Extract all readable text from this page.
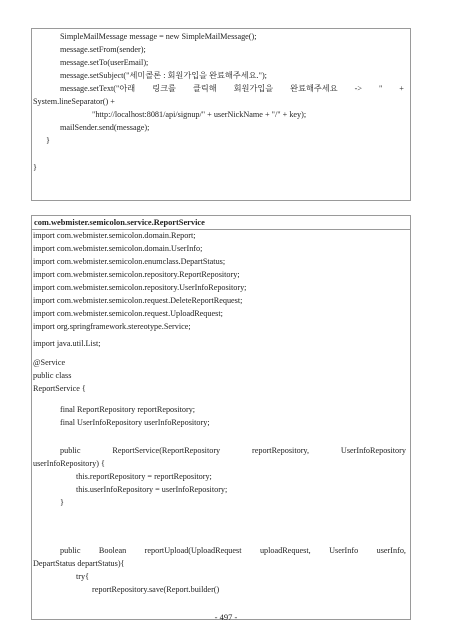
SimpleMailMessage message = new SimpleMailMessage();
message.setFrom(sender);
message.setTo(userEmail);
message.setSubject("세미콜론 : 회원가입을 완료해주세요.");
message.setText("아래 링크를 클릭해 회원가입을 완료해주세요 -> " +
System.lineSeparator() +
"http://localhost:8081/api/signup/" + userNickName + "/" + key);
mailSender.send(message);
}
}
com.webmister.semicolon.service.ReportService
import com.webmister.semicolon.domain.Report;
import com.webmister.semicolon.domain.UserInfo;
import com.webmister.semicolon.enumclass.DepartStatus;
import com.webmister.semicolon.repository.ReportRepository;
import com.webmister.semicolon.repository.UserInfoRepository;
import com.webmister.semicolon.request.DeleteReportRequest;
import com.webmister.semicolon.request.UploadRequest;
import org.springframework.stereotype.Service;
import java.util.List;
@Service
public class
ReportService {
final ReportRepository reportRepository;
final UserInfoRepository userInfoRepository;
public	ReportService(ReportRepository	reportRepository,	UserInfoRepository
userInfoRepository) {
this.reportRepository = reportRepository;
this.userInfoRepository = userInfoRepository;
}
public Boolean reportUpload(UploadRequest uploadRequest, UserInfo userInfo,
DepartStatus departStatus){
try{
reportRepository.save(Report.builder()
- 497 -
